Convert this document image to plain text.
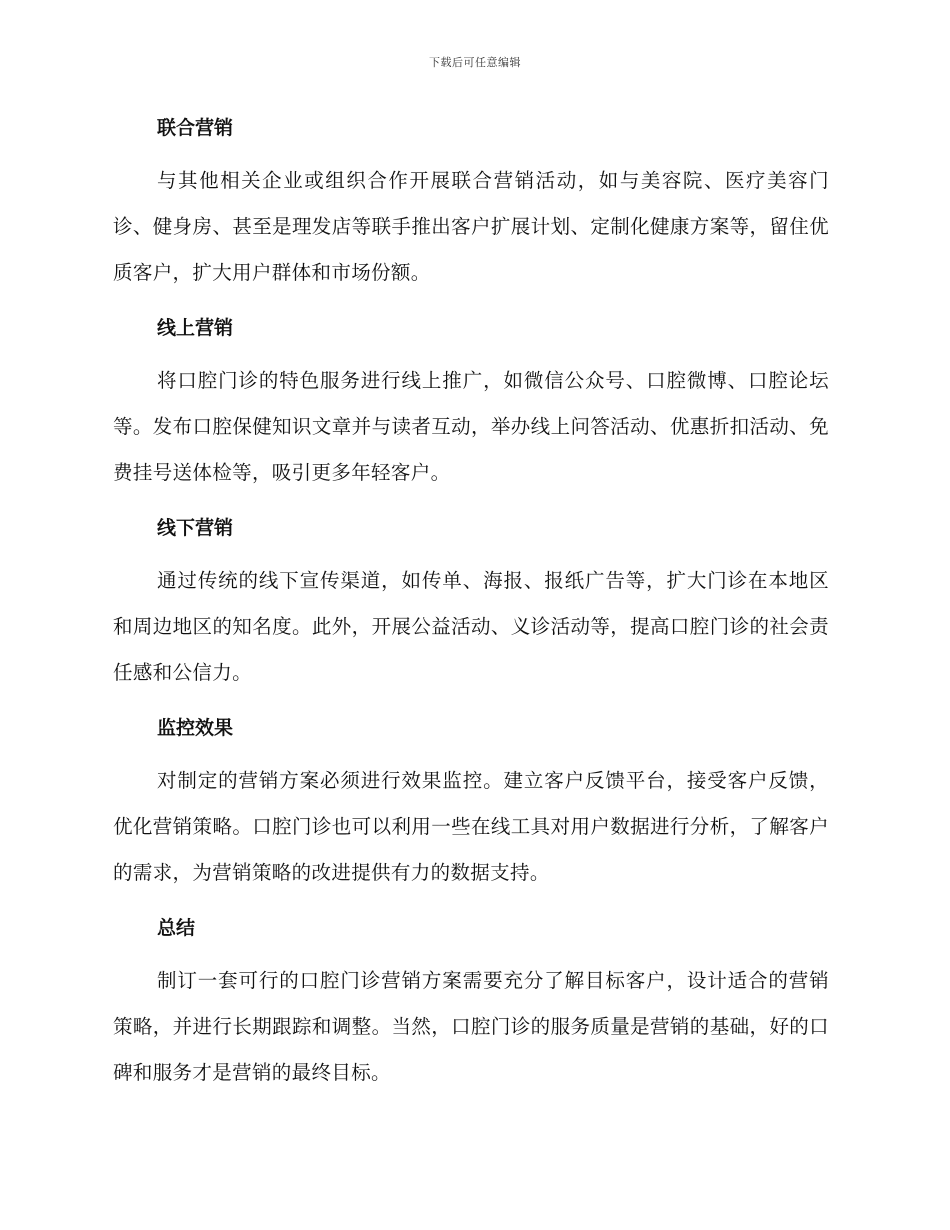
下载后可任意编辑
联合营销
与其他相关企业或组织合作开展联合营销活动，如与美容院、医疗美容门诊、健身房、甚至是理发店等联手推出客户扩展计划、定制化健康方案等，留住优质客户，扩大用户群体和市场份额。
线上营销
将口腔门诊的特色服务进行线上推广，如微信公众号、口腔微博、口腔论坛等。发布口腔保健知识文章并与读者互动，举办线上问答活动、优惠折扣活动、免费挂号送体检等，吸引更多年轻客户。
线下营销
通过传统的线下宣传渠道，如传单、海报、报纸广告等，扩大门诊在本地区和周边地区的知名度。此外，开展公益活动、义诊活动等，提高口腔门诊的社会责任感和公信力。
监控效果
对制定的营销方案必须进行效果监控。建立客户反馈平台，接受客户反馈，优化营销策略。口腔门诊也可以利用一些在线工具对用户数据进行分析，了解客户的需求，为营销策略的改进提供有力的数据支持。
总结
制订一套可行的口腔门诊营销方案需要充分了解目标客户，设计适合的营销策略，并进行长期跟踪和调整。当然，口腔门诊的服务质量是营销的基础，好的口碑和服务才是营销的最终目标。
